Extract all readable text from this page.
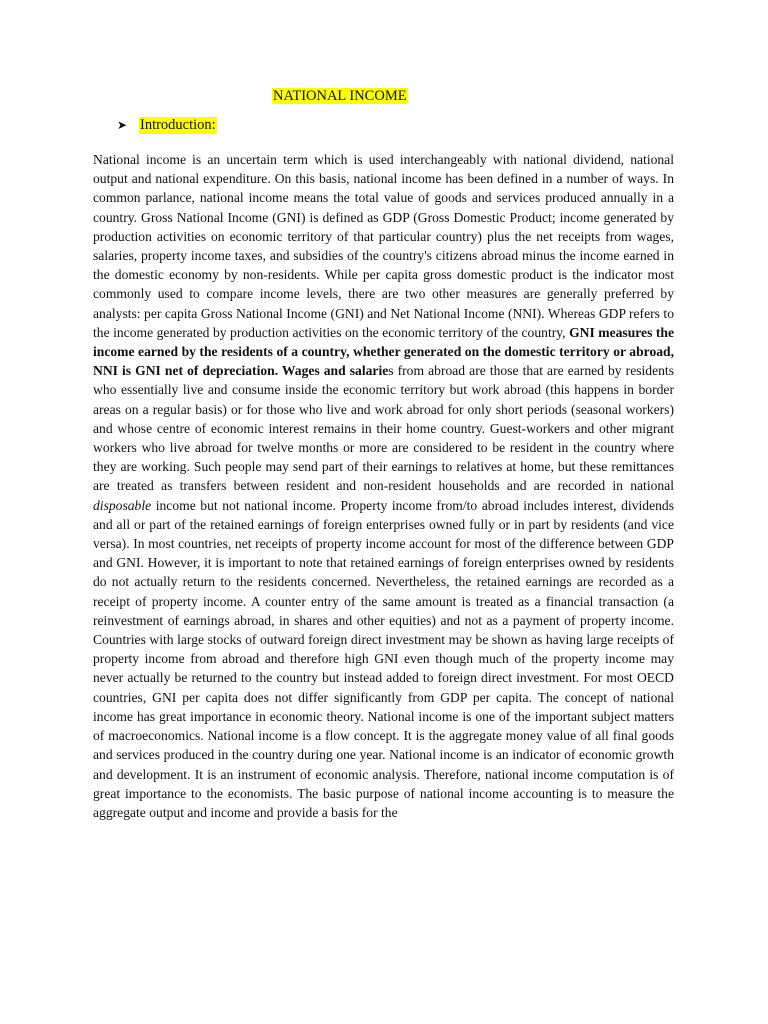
NATIONAL INCOME
➤ Introduction:

National income is an uncertain term which is used interchangeably with national dividend, national output and national expenditure. On this basis, national income has been defined in a number of ways. In common parlance, national income means the total value of goods and services produced annually in a country. Gross National Income (GNI) is defined as GDP (Gross Domestic Product; income generated by production activities on economic territory of that particular country) plus the net receipts from wages, salaries, property income taxes, and subsidies of the country's citizens abroad minus the income earned in the domestic economy by non-residents. While per capita gross domestic product is the indicator most commonly used to compare income levels, there are two other measures are generally preferred by analysts: per capita Gross National Income (GNI) and Net National Income (NNI). Whereas GDP refers to the income generated by production activities on the economic territory of the country, GNI measures the income earned by the residents of a country, whether generated on the domestic territory or abroad, NNI is GNI net of depreciation. Wages and salaries from abroad are those that are earned by residents who essentially live and consume inside the economic territory but work abroad (this happens in border areas on a regular basis) or for those who live and work abroad for only short periods (seasonal workers) and whose centre of economic interest remains in their home country. Guest-workers and other migrant workers who live abroad for twelve months or more are considered to be resident in the country where they are working. Such people may send part of their earnings to relatives at home, but these remittances are treated as transfers between resident and non-resident households and are recorded in national disposable income but not national income. Property income from/to abroad includes interest, dividends and all or part of the retained earnings of foreign enterprises owned fully or in part by residents (and vice versa). In most countries, net receipts of property income account for most of the difference between GDP and GNI. However, it is important to note that retained earnings of foreign enterprises owned by residents do not actually return to the residents concerned. Nevertheless, the retained earnings are recorded as a receipt of property income. A counter entry of the same amount is treated as a financial transaction (a reinvestment of earnings abroad, in shares and other equities) and not as a payment of property income. Countries with large stocks of outward foreign direct investment may be shown as having large receipts of property income from abroad and therefore high GNI even though much of the property income may never actually be returned to the country but instead added to foreign direct investment. For most OECD countries, GNI per capita does not differ significantly from GDP per capita. The concept of national income has great importance in economic theory. National income is one of the important subject matters of macroeconomics. National income is a flow concept. It is the aggregate money value of all final goods and services produced in the country during one year. National income is an indicator of economic growth and development. It is an instrument of economic analysis. Therefore, national income computation is of great importance to the economists. The basic purpose of national income accounting is to measure the aggregate output and income and provide a basis for the
